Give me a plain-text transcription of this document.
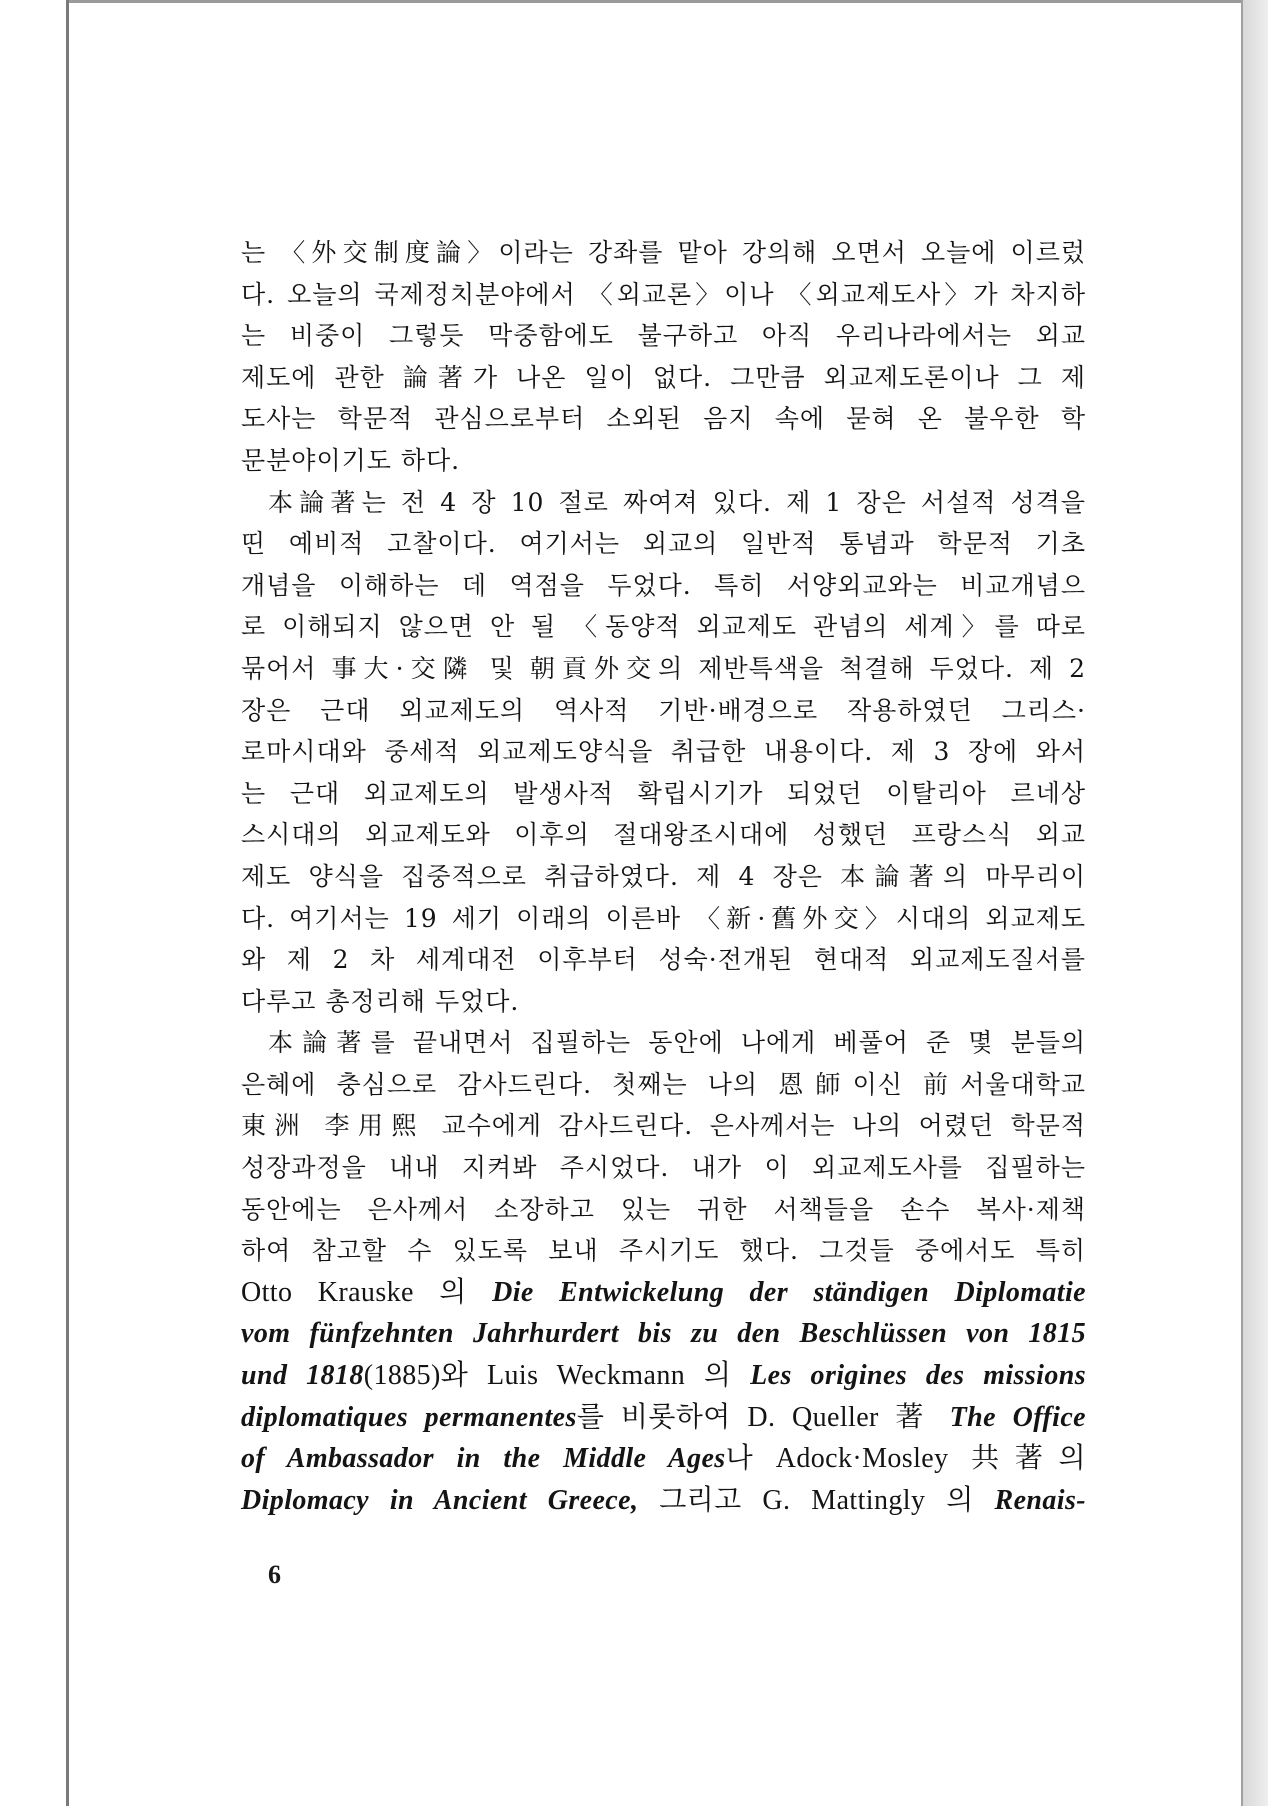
는 〈外交制度論〉이라는 강좌를 맡아 강의해 오면서 오늘에 이르렀
다. 오늘의 국제정치분야에서 〈외교론〉이나 〈외교제도사〉가 차지하
는 비중이 그렇듯 막중함에도 불구하고 아직 우리나라에서는 외교
제도에 관한 論著가 나온 일이 없다. 그만큼 외교제도론이나 그 제
도사는 학문적 관심으로부터 소외된 음지 속에 묻혀 온 불우한 학
문분야이기도 하다.
本論著는 전 4 장 10 절로 짜여져 있다. 제 1 장은 서설적 성격을
띤 예비적 고찰이다. 여기서는 외교의 일반적 통념과 학문적 기초
개념을 이해하는 데 역점을 두었다. 특히 서양외교와는 비교개념으
로 이해되지 않으면 안 될 〈동양적 외교제도 관념의 세계〉를 따로
묶어서 事大·交隣 및 朝貢外交의 제반특색을 척결해 두었다. 제 2
장은 근대 외교제도의 역사적 기반·배경으로 작용하였던 그리스·
로마시대와 중세적 외교제도양식을 취급한 내용이다. 제 3 장에 와서
는 근대 외교제도의 발생사적 확립시기가 되었던 이탈리아 르네상
스시대의 외교제도와 이후의 절대왕조시대에 성했던 프랑스식 외교
제도 양식을 집중적으로 취급하였다. 제 4 장은 本論著의 마무리이
다. 여기서는 19 세기 이래의 이른바 〈新·舊外交〉시대의 외교제도
와 제 2 차 세계대전 이후부터 성숙·전개된 현대적 외교제도질서를
다루고 총정리해 두었다.
本論著를 끝내면서 집필하는 동안에 나에게 베풀어 준 몇 분들의
은혜에 충심으로 감사드린다. 첫째는 나의 恩師이신 前서울대학교
東洲 李用熙 교수에게 감사드린다. 은사께서는 나의 어렸던 학문적
성장과정을 내내 지켜봐 주시었다. 내가 이 외교제도사를 집필하는
동안에는 은사께서 소장하고 있는 귀한 서책들을 손수 복사·제책
하여 참고할 수 있도록 보내 주시기도 했다. 그것들 중에서도 특히
Otto Krauske 의 Die Entwickelung der ständigen Diplomatie
vom fünfzehnten Jahrhurdert bis zu den Beschlüssen von 1815
und 1818(1885)와 Luis Weckmann 의 Les origines des missions
diplomatiques permanentes를 비롯하여 D. Queller 著 The Office
of Ambassador in the Middle Ages나 Adock·Mosley 共著의
Diplomacy in Ancient Greece, 그리고 G. Mattingly 의 Renais-
6
